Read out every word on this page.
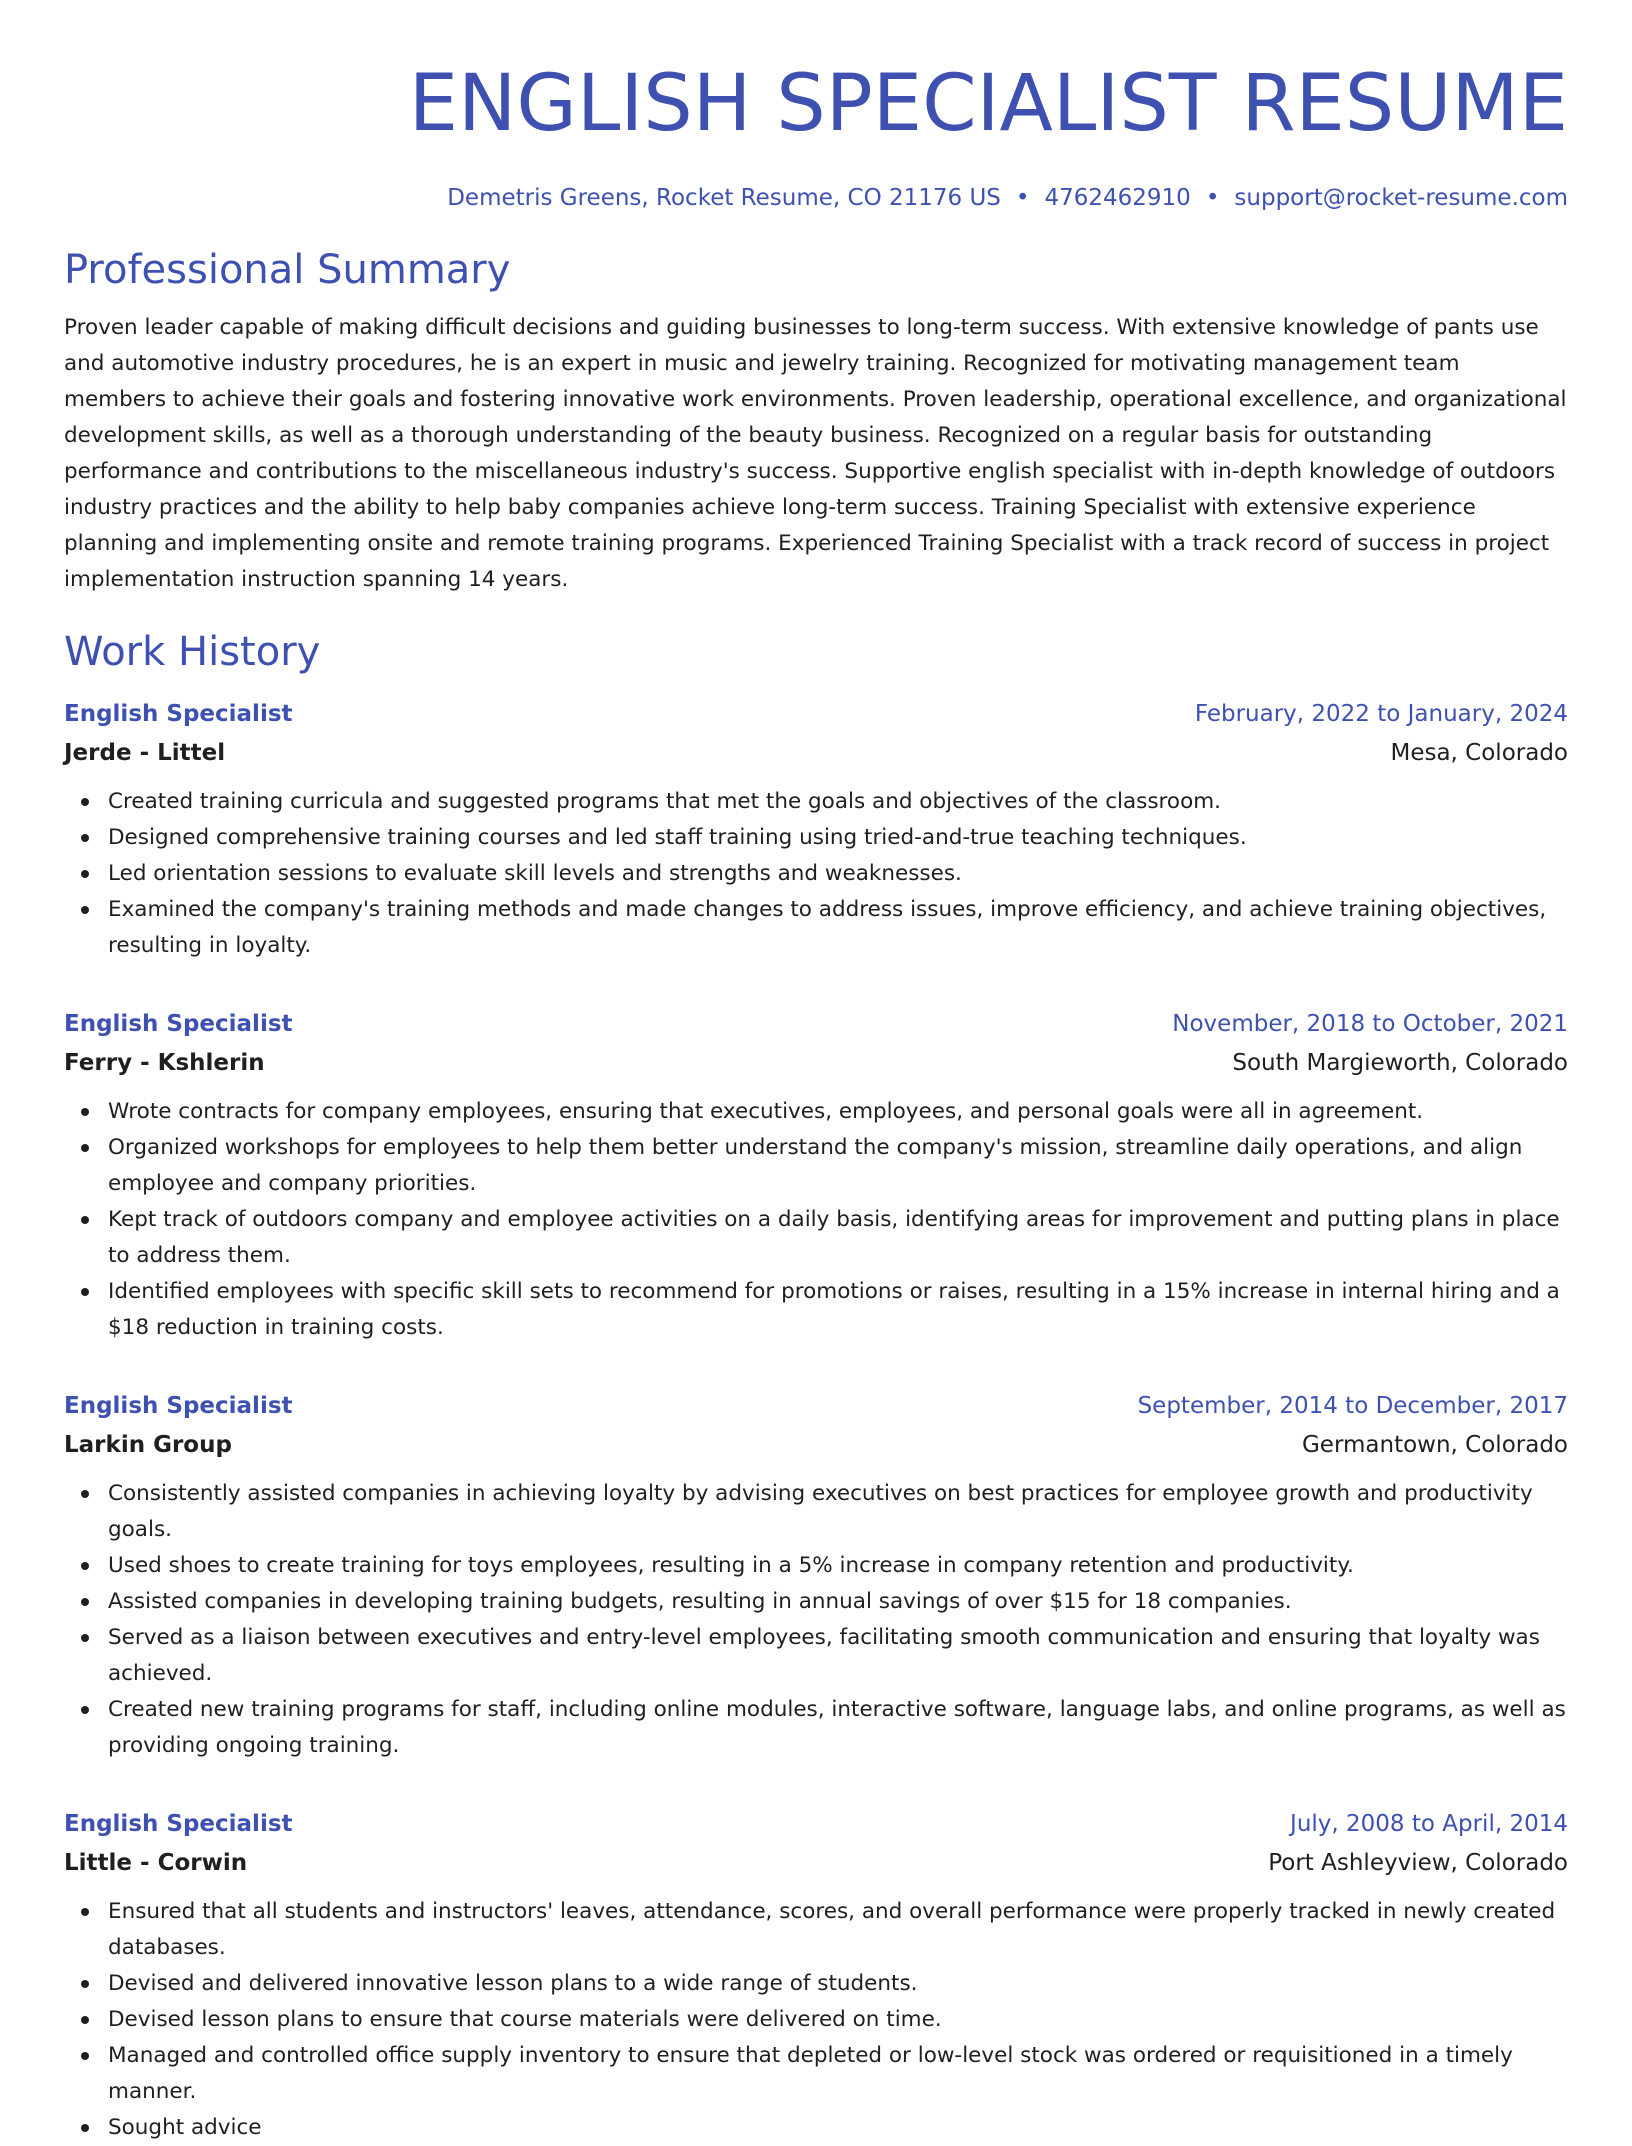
ENGLISH SPECIALIST RESUME
Demetris Greens, Rocket Resume, CO 21176 US • 4762462910 • support@rocket-resume.com
Professional Summary
Proven leader capable of making difficult decisions and guiding businesses to long-term success. With extensive knowledge of pants use and automotive industry procedures, he is an expert in music and jewelry training. Recognized for motivating management team members to achieve their goals and fostering innovative work environments. Proven leadership, operational excellence, and organizational development skills, as well as a thorough understanding of the beauty business. Recognized on a regular basis for outstanding performance and contributions to the miscellaneous industry's success. Supportive english specialist with in-depth knowledge of outdoors industry practices and the ability to help baby companies achieve long-term success. Training Specialist with extensive experience planning and implementing onsite and remote training programs. Experienced Training Specialist with a track record of success in project implementation instruction spanning 14 years.
Work History
English Specialist	February, 2022 to January, 2024
Jerde - Littel	Mesa, Colorado
Created training curricula and suggested programs that met the goals and objectives of the classroom.
Designed comprehensive training courses and led staff training using tried-and-true teaching techniques.
Led orientation sessions to evaluate skill levels and strengths and weaknesses.
Examined the company's training methods and made changes to address issues, improve efficiency, and achieve training objectives, resulting in loyalty.
English Specialist	November, 2018 to October, 2021
Ferry - Kshlerin	South Margieworth, Colorado
Wrote contracts for company employees, ensuring that executives, employees, and personal goals were all in agreement.
Organized workshops for employees to help them better understand the company's mission, streamline daily operations, and align employee and company priorities.
Kept track of outdoors company and employee activities on a daily basis, identifying areas for improvement and putting plans in place to address them.
Identified employees with specific skill sets to recommend for promotions or raises, resulting in a 15% increase in internal hiring and a $18 reduction in training costs.
English Specialist	September, 2014 to December, 2017
Larkin Group	Germantown, Colorado
Consistently assisted companies in achieving loyalty by advising executives on best practices for employee growth and productivity goals.
Used shoes to create training for toys employees, resulting in a 5% increase in company retention and productivity.
Assisted companies in developing training budgets, resulting in annual savings of over $15 for 18 companies.
Served as a liaison between executives and entry-level employees, facilitating smooth communication and ensuring that loyalty was achieved.
Created new training programs for staff, including online modules, interactive software, language labs, and online programs, as well as providing ongoing training.
English Specialist	July, 2008 to April, 2014
Little - Corwin	Port Ashleyview, Colorado
Ensured that all students and instructors' leaves, attendance, scores, and overall performance were properly tracked in newly created databases.
Devised and delivered innovative lesson plans to a wide range of students.
Devised lesson plans to ensure that course materials were delivered on time.
Managed and controlled office supply inventory to ensure that depleted or low-level stock was ordered or requisitioned in a timely manner.
Sought advice
